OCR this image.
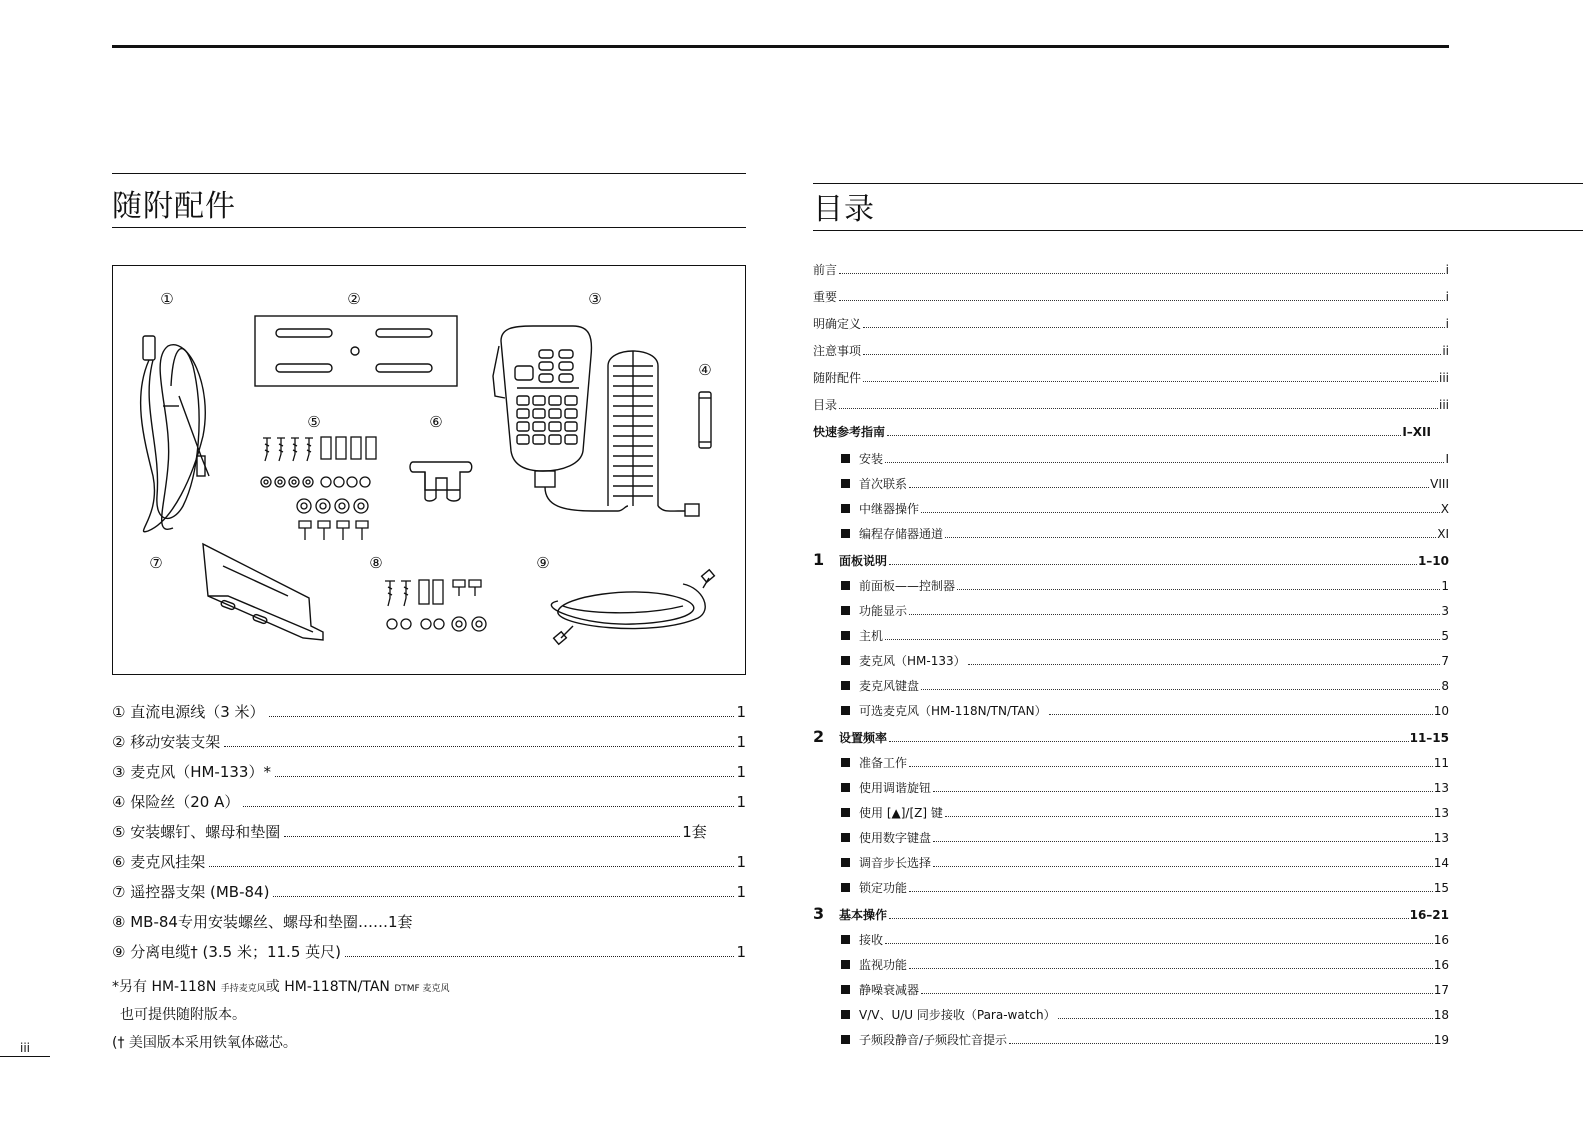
随附配件
①	②	③
④
⑤	⑥
⑦	⑧	⑨
① 直流电源线（3 米）	1
② 移动安装支架	1
③ 麦克风（HM-133）*	1
④ 保险丝（20 A）	1
⑤ 安装螺钉、螺母和垫圈	1套
⑥ 麦克风挂架	1
⑦ 遥控器支架 (MB-84)	1
⑧ MB-84专用安装螺丝、螺母和垫圈……1套
⑨ 分离电缆† (3.5 米；11.5 英尺)	1
*另有 HM-118N 手持麦克风或 HM-118TN/TAN DTMF 麦克风
也可提供随附版本。
(† 美国版本采用铁氧体磁芯。
iii
目录
前言	i
重要	i
明确定义	i
注意事项	ii
随附配件	iii
目录	iii
快速参考指南	I–XII
安装	I
首次联系	VIII
中继器操作	X
编程存储器通道	XI
1	面板说明	1–10
前面板——控制器	1
功能显示	3
主机	5
麦克风（HM-133）	7
麦克风键盘	8
可选麦克风（HM-118N/TN/TAN）	10
2	设置频率	11–15
准备工作	11
使用调谐旋钮	13
使用 [▲]/[Z] 键	13
使用数字键盘	13
调音步长选择	14
锁定功能	15
3	基本操作	16–21
接收	16
监视功能	16
静噪衰减器	17
V/V、U/U 同步接收（Para-watch）	18
子频段静音/子频段忙音提示	19
